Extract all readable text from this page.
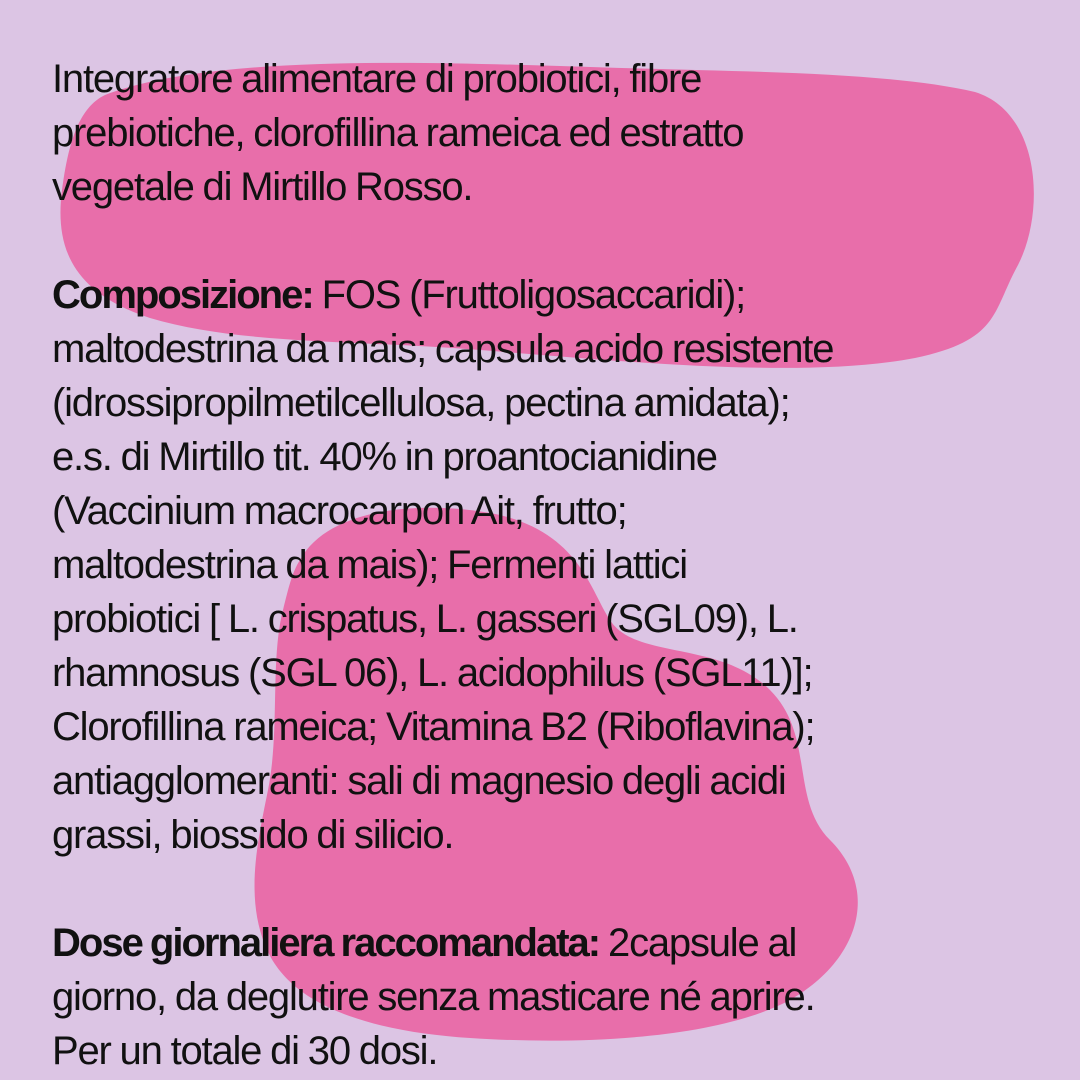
Integratore alimentare di probiotici, fibre
prebiotiche, clorofillina rameica ed estratto
vegetale di Mirtillo Rosso.

Composizione: FOS (Fruttoligosaccaridi);
maltodestrina da mais; capsula acido resistente
(idrossipropilmetilcellulosa, pectina amidata);
e.s. di Mirtillo tit. 40% in proantocianidine
(Vaccinium macrocarpon Ait, frutto;
maltodestrina da mais); Fermenti lattici
probiotici [ L. crispatus, L. gasseri (SGL09), L.
rhamnosus (SGL 06), L. acidophilus (SGL11)];
Clorofillina rameica; Vitamina B2 (Riboflavina);
antiagglomeranti: sali di magnesio degli acidi
grassi, biossido di silicio.

Dose giornaliera raccomandata: 2capsule al
giorno, da deglutire senza masticare né aprire.
Per un totale di 30 dosi.
